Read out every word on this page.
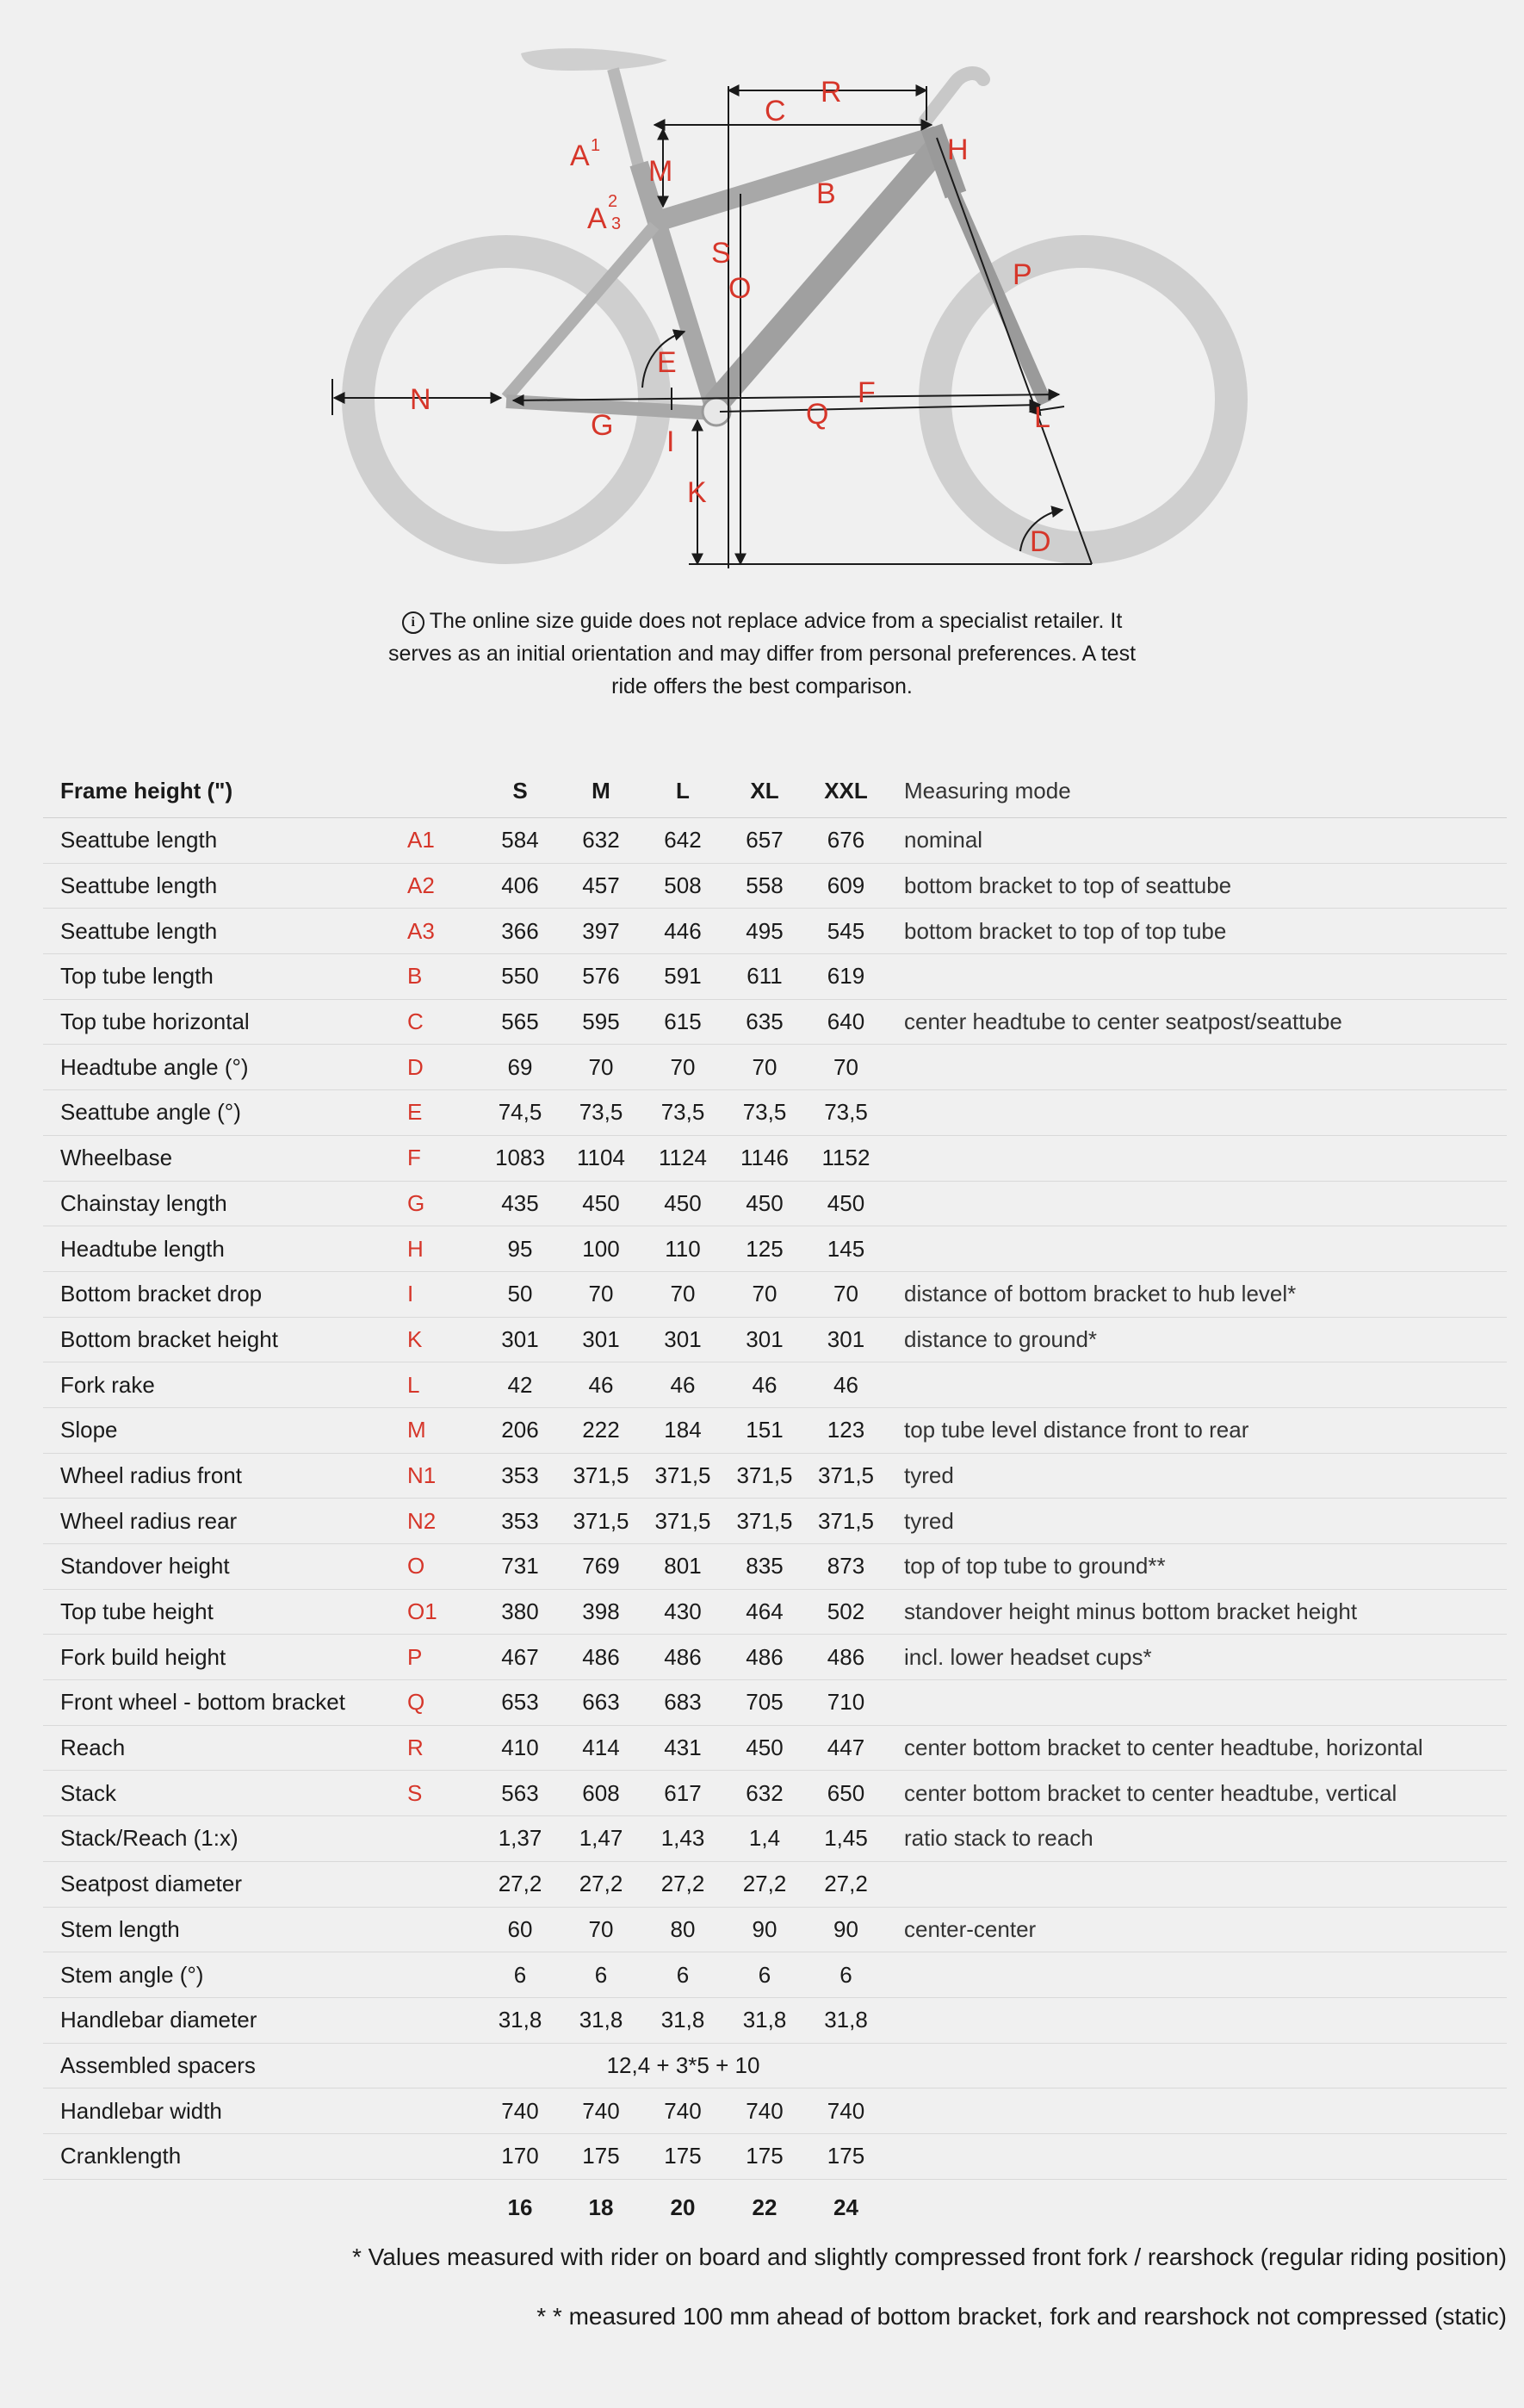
A 1
A
2
3
M
C
R
H
B
S
O	P
E
N
G I
Q
F
L
K
D
i The online size guide does not replace advice from a specialist retailer. It serves as an initial orientation and may differ from personal preferences. A test ride offers the best comparison.
Frame height (")		S	M	L	XL	XXL	Measuring mode
Seattube length	A1	584	632	642	657	676	nominal
Seattube length	A2	406	457	508	558	609	bottom bracket to top of seattube
Seattube length	A3	366	397	446	495	545	bottom bracket to top of top tube
Top tube length	B	550	576	591	611	619	
Top tube horizontal	C	565	595	615	635	640	center headtube to center seatpost/seattube
Headtube angle (°)	D	69	70	70	70	70	
Seattube angle (°)	E	74,5	73,5	73,5	73,5	73,5	
Wheelbase	F	1083	1104	1124	1146	1152	
Chainstay length	G	435	450	450	450	450	
Headtube length	H	95	100	110	125	145	
Bottom bracket drop	I	50	70	70	70	70	distance of bottom bracket to hub level*
Bottom bracket height	K	301	301	301	301	301	distance to ground*
Fork rake	L	42	46	46	46	46	
Slope	M	206	222	184	151	123	top tube level distance front to rear
Wheel radius front	N1	353	371,5	371,5	371,5	371,5	tyred
Wheel radius rear	N2	353	371,5	371,5	371,5	371,5	tyred
Standover height	O	731	769	801	835	873	top of top tube to ground**
Top tube height	O1	380	398	430	464	502	standover height minus bottom bracket height
Fork build height	P	467	486	486	486	486	incl. lower headset cups*
Front wheel - bottom bracket	Q	653	663	683	705	710	
Reach	R	410	414	431	450	447	center bottom bracket to center headtube, horizontal
Stack	S	563	608	617	632	650	center bottom bracket to center headtube, vertical
Stack/Reach (1:x)		1,37	1,47	1,43	1,4	1,45	ratio stack to reach
Seatpost diameter		27,2	27,2	27,2	27,2	27,2	
Stem length		60	70	80	90	90	center-center
Stem angle (°)		6	6	6	6	6	
Handlebar diameter		31,8	31,8	31,8	31,8	31,8	
Assembled spacers		12,4 + 3*5 + 10					
Handlebar width		740	740	740	740	740	
Cranklength		170	175	175	175	175	
		16	18	20	22	24	
* Values measured with rider on board and slightly compressed front fork / rearshock (regular riding position)
* * measured 100 mm ahead of bottom bracket, fork and rearshock not compressed (static)
